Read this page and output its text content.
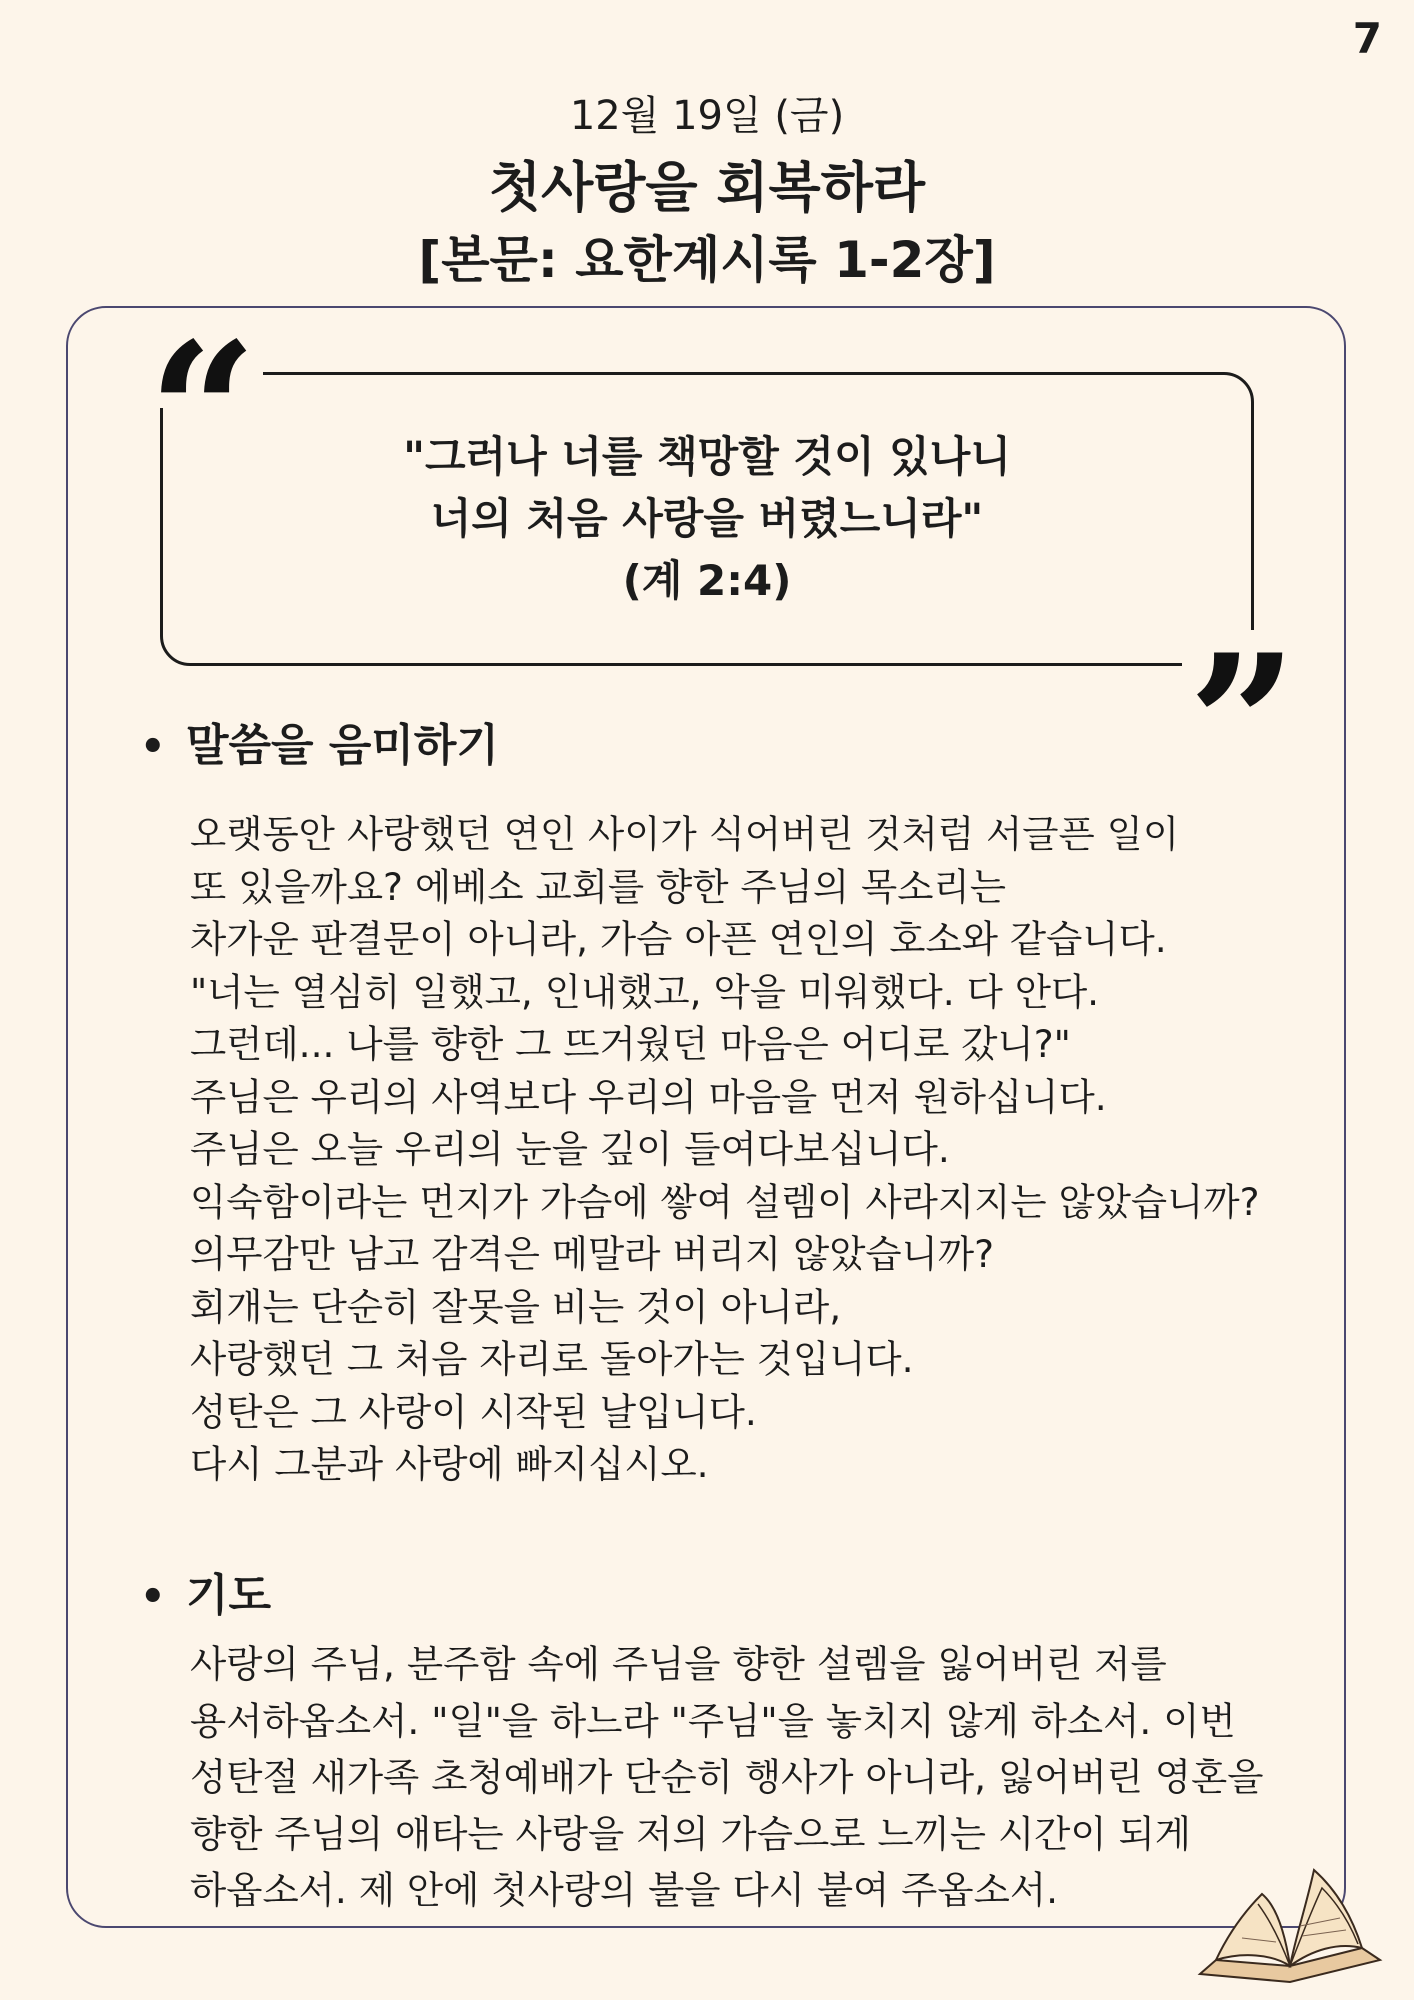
7
12월 19일 (금)
첫사랑을 회복하라
[본문: 요한계시록 1-2장]
"그러나 너를 책망할 것이 있나니
너의 처음 사랑을 버렸느니라"
(계 2:4)
• 말씀을 음미하기
오랫동안 사랑했던 연인 사이가 식어버린 것처럼 서글픈 일이
또 있을까요? 에베소 교회를 향한 주님의 목소리는
차가운 판결문이 아니라, 가슴 아픈 연인의 호소와 같습니다.
"너는 열심히 일했고, 인내했고, 악을 미워했다. 다 안다.
그런데... 나를 향한 그 뜨거웠던 마음은 어디로 갔니?"
주님은 우리의 사역보다 우리의 마음을 먼저 원하십니다.
주님은 오늘 우리의 눈을 깊이 들여다보십니다.
익숙함이라는 먼지가 가슴에 쌓여 설렘이 사라지지는 않았습니까?
의무감만 남고 감격은 메말라 버리지 않았습니까?
회개는 단순히 잘못을 비는 것이 아니라,
사랑했던 그 처음 자리로 돌아가는 것입니다.
성탄은 그 사랑이 시작된 날입니다.
다시 그분과 사랑에 빠지십시오.
• 기도
사랑의 주님, 분주함 속에 주님을 향한 설렘을 잃어버린 저를
용서하옵소서. "일"을 하느라 "주님"을 놓치지 않게 하소서. 이번
성탄절 새가족 초청예배가 단순히 행사가 아니라, 잃어버린 영혼을
향한 주님의 애타는 사랑을 저의 가슴으로 느끼는 시간이 되게
하옵소서. 제 안에 첫사랑의 불을 다시 붙여 주옵소서.
